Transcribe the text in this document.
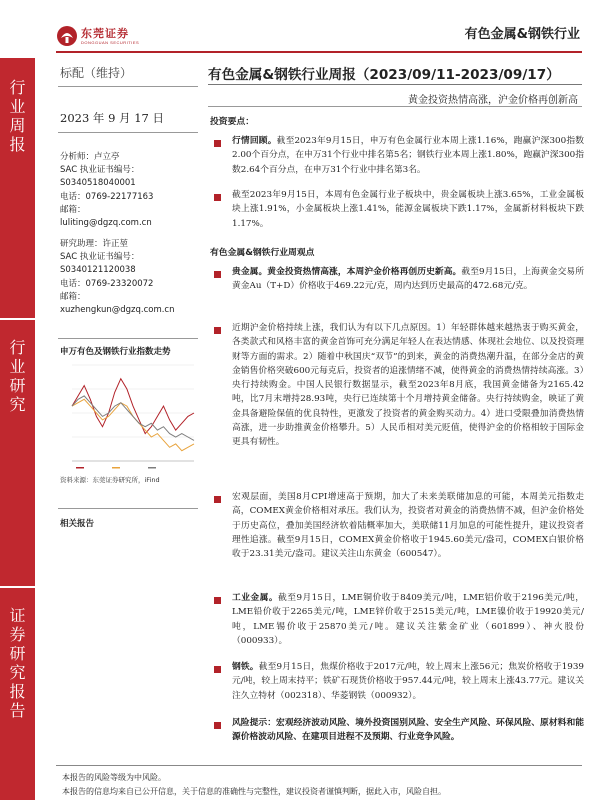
东莞证券
DONGGUAN SECURITIES	有色金属&钢铁行业
行
业
周
报
行
业
研
究
证
券
研
究
报
告
标配（维持）
2023 年 9 月 17 日
分析师：卢立亭
SAC 执业证书编号：
S0340518040001
电话：0769-22177163
邮箱：
luliting@dgzq.com.cn
研究助理：许正堃
SAC 执业证书编号：
S0340121120038
电话：0769-23320072
邮箱：
xuzhengkun@dgzq.com.cn
申万有色及钢铁行业指数走势
资料来源：东莞证券研究所，iFind
相关报告
有色金属&钢铁行业周报（2023/09/11-2023/09/17）
黄金投资热情高涨，沪金价格再创新高
投资要点：
行情回顾。截至2023年9月15日，申万有色金属行业本周上涨1.16%，跑赢沪深300指数2.00个百分点，在申万31个行业中排名第5名；钢铁行业本周上涨1.80%，跑赢沪深300指数2.64个百分点，在申万31个行业中排名第3名。
截至2023年9月15日，本周有色金属行业子板块中，贵金属板块上涨3.65%，工业金属板块上涨1.91%，小金属板块上涨1.41%，能源金属板块下跌1.17%，金属新材料板块下跌1.17%。
有色金属&钢铁行业周观点
贵金属。黄金投资热情高涨，本周沪金价格再创历史新高。截至9月15日，上海黄金交易所黄金Au（T+D）价格收于469.22元/克，周内达到历史最高的472.68元/克。
近期沪金价格持续上涨，我们认为有以下几点原因。1）年轻群体越来越热衷于购买黄金，各类款式和风格丰富的黄金首饰可充分满足年轻人在表达情感、体现社会地位、以及投资理财等方面的需求。2）随着中秋国庆“双节”的到来，黄金的消费热潮升温，在部分金店的黄金销售价格突破600元每克后，投资者的追涨情绪不减，使得黄金的消费热情持续高涨。3）央行持续购金。中国人民银行数据显示，截至2023年8月底，我国黄金储备为2165.42吨，比7月末增持28.93吨，央行已连续第十个月增持黄金储备。央行持续购金，映证了黄金具备避险保值的优良特性，更激发了投资者的黄金购买动力。4）进口受限叠加消费热情高涨，进一步助推黄金价格攀升。5）人民币相对美元贬值，使得沪金的价格相较于国际金更具有韧性。
宏观层面，美国8月CPI增速高于预期，加大了未来美联储加息的可能，本周美元指数走高，COMEX黄金价格相对承压。我们认为，投资者对黄金的消费热情不减，但沪金价格处于历史高位，叠加美国经济软着陆概率加大，美联储11月加息的可能性提升，建议投资者理性追涨。截至9月15日，COMEX黄金价格收于1945.60美元/盎司，COMEX白银价格收于23.31美元/盎司。建议关注山东黄金（600547）。
工业金属。截至9月15日，LME铜价收于8409美元/吨，LME铝价收于2196美元/吨，LME铅价收于2265美元/吨，LME锌价收于2515美元/吨，LME镍价收于19920美元/吨，LME锡价收于25870美元/吨。建议关注紫金矿业（601899）、神火股份（000933）。
钢铁。截至9月15日，焦煤价格收于2017元/吨，较上周末上涨56元；焦炭价格收于1939元/吨，较上周末持平；铁矿石现货价格收于957.44元/吨，较上周末上涨43.77元。建议关注久立特材（002318）、华菱钢铁（000932）。
风险提示：宏观经济波动风险、境外投资国别风险、安全生产风险、环保风险、原材料和能源价格波动风险、在建项目进程不及预期、行业竞争风险。
本报告的风险等级为中风险。
本报告的信息均来自已公开信息，关于信息的准确性与完整性，建议投资者谨慎判断，据此入市，风险自担。
